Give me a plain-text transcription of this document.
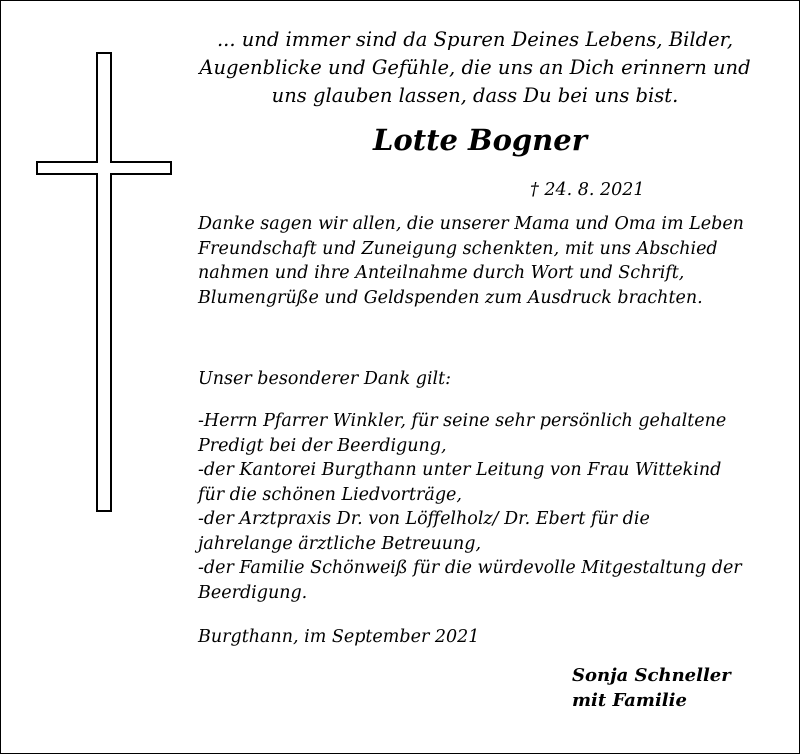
... und immer sind da Spuren Deines Lebens, Bilder,
Augenblicke und Gefühle, die uns an Dich erinnern und
uns glauben lassen, dass Du bei uns bist.
Lotte Bogner
† 24. 8. 2021
Danke sagen wir allen, die unserer Mama und Oma im Leben
Freundschaft und Zuneigung schenkten, mit uns Abschied
nahmen und ihre Anteilnahme durch Wort und Schrift,
Blumengrüße und Geldspenden zum Ausdruck brachten.
Unser besonderer Dank gilt:
-Herrn Pfarrer Winkler, für seine sehr persönlich gehaltene
Predigt bei der Beerdigung,
-der Kantorei Burgthann unter Leitung von Frau Wittekind
für die schönen Liedvorträge,
-der Arztpraxis Dr. von Löffelholz/ Dr. Ebert für die
jahrelange ärztliche Betreuung,
-der Familie Schönweiß für die würdevolle Mitgestaltung der
Beerdigung.
Burgthann, im September 2021
Sonja Schneller
mit Familie
